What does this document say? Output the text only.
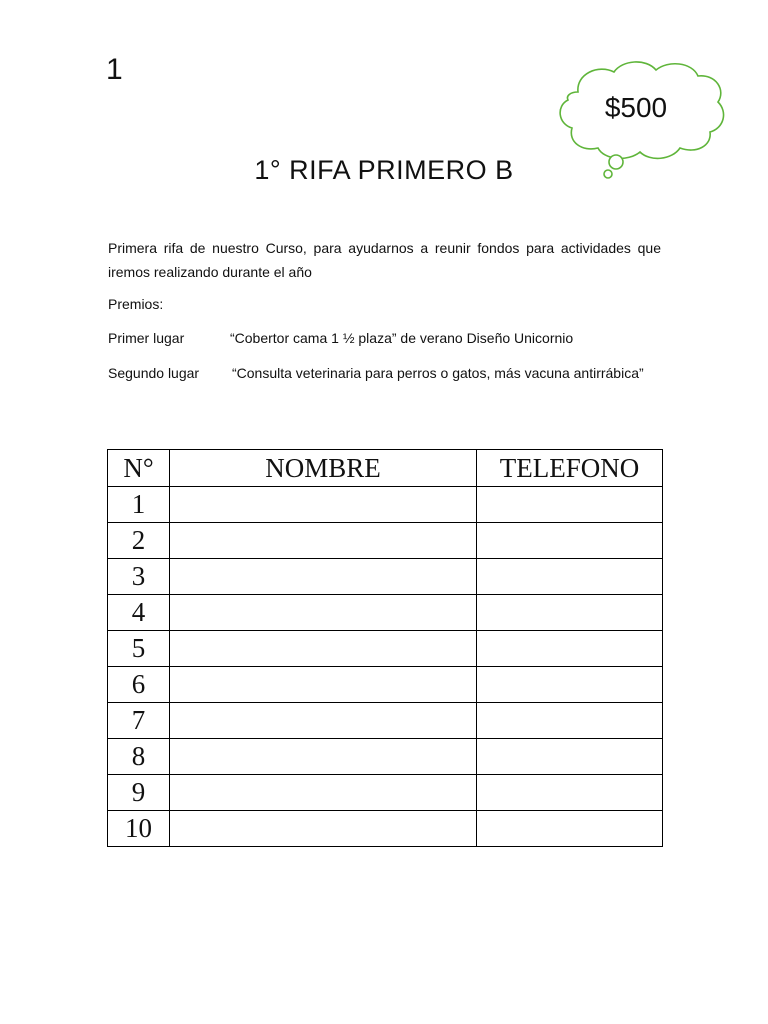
1
$500
1° RIFA PRIMERO B

Primera rifa de nuestro Curso, para ayudarnos a reunir fondos para actividades que iremos realizando durante el año

Premios:

Primer lugar	“Cobertor cama 1 ½ plaza” de verano Diseño Unicornio

Segundo lugar “Consulta veterinaria para perros o gatos, más vacuna antirrábica”

N°	NOMBRE	TELEFONO
1		
2		
3		
4		
5		
6		
7		
8		
9		
10		
